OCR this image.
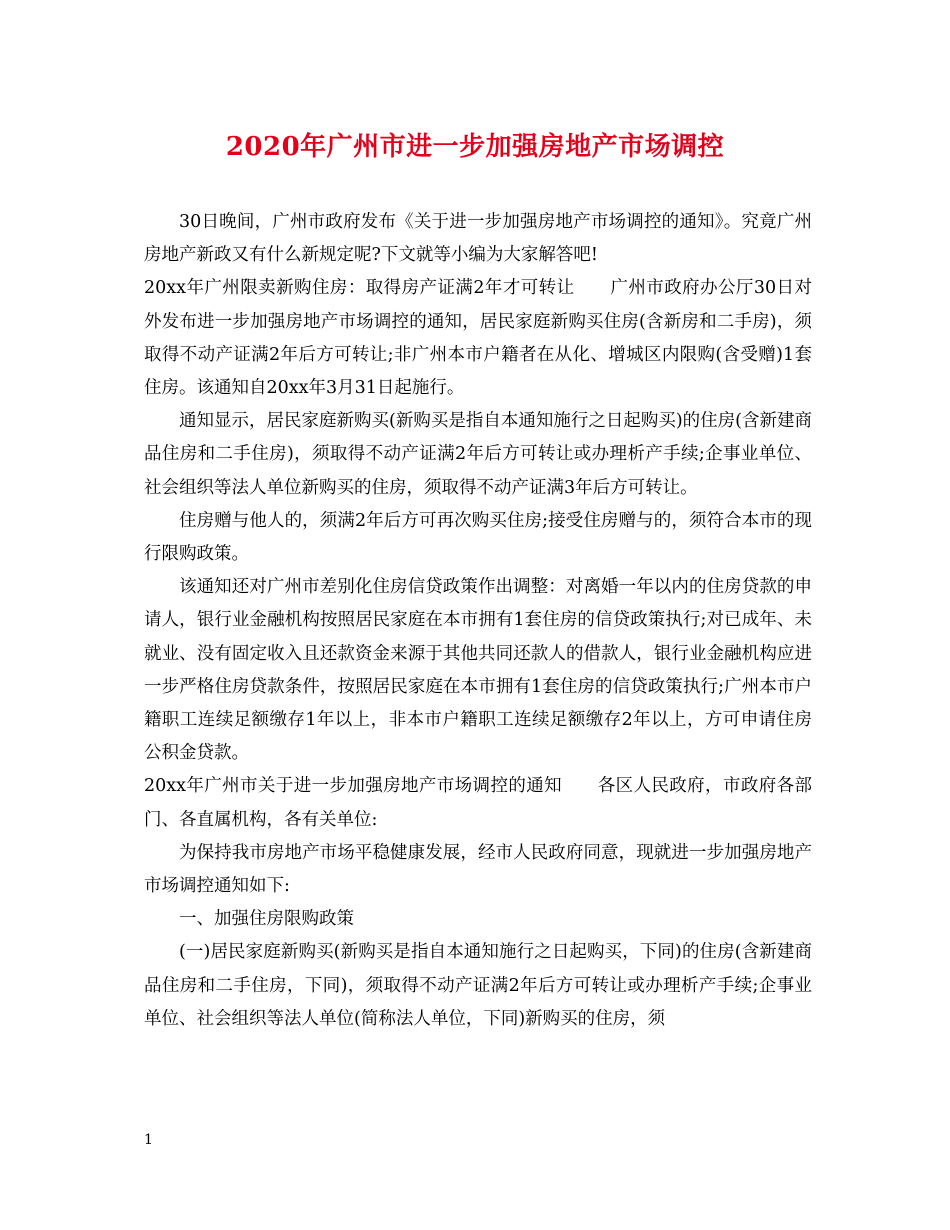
2020年广州市进一步加强房地产市场调控

30日晚间，广州市政府发布《关于进一步加强房地产市场调控的通知》。究竟广州房地产新政又有什么新规定呢?下文就等小编为大家解答吧!

20xx年广州限卖新购住房：取得房产证满2年才可转让　　广州市政府办公厅30日对外发布进一步加强房地产市场调控的通知，居民家庭新购买住房(含新房和二手房)，须取得不动产证满2年后方可转让;非广州本市户籍者在从化、增城区内限购(含受赠)1套住房。该通知自20xx年3月31日起施行。

通知显示，居民家庭新购买(新购买是指自本通知施行之日起购买)的住房(含新建商品住房和二手住房)，须取得不动产证满2年后方可转让或办理析产手续;企事业单位、社会组织等法人单位新购买的住房，须取得不动产证满3年后方可转让。

住房赠与他人的，须满2年后方可再次购买住房;接受住房赠与的，须符合本市的现行限购政策。

该通知还对广州市差别化住房信贷政策作出调整：对离婚一年以内的住房贷款的申请人，银行业金融机构按照居民家庭在本市拥有1套住房的信贷政策执行;对已成年、未就业、没有固定收入且还款资金来源于其他共同还款人的借款人，银行业金融机构应进一步严格住房贷款条件，按照居民家庭在本市拥有1套住房的信贷政策执行;广州本市户籍职工连续足额缴存1年以上，非本市户籍职工连续足额缴存2年以上，方可申请住房公积金贷款。

20xx年广州市关于进一步加强房地产市场调控的通知　　各区人民政府，市政府各部门、各直属机构，各有关单位:

为保持我市房地产市场平稳健康发展，经市人民政府同意，现就进一步加强房地产市场调控通知如下:

一、加强住房限购政策

(一)居民家庭新购买(新购买是指自本通知施行之日起购买，下同)的住房(含新建商品住房和二手住房，下同)，须取得不动产证满2年后方可转让或办理析产手续;企事业单位、社会组织等法人单位(简称法人单位，下同)新购买的住房，须

1
